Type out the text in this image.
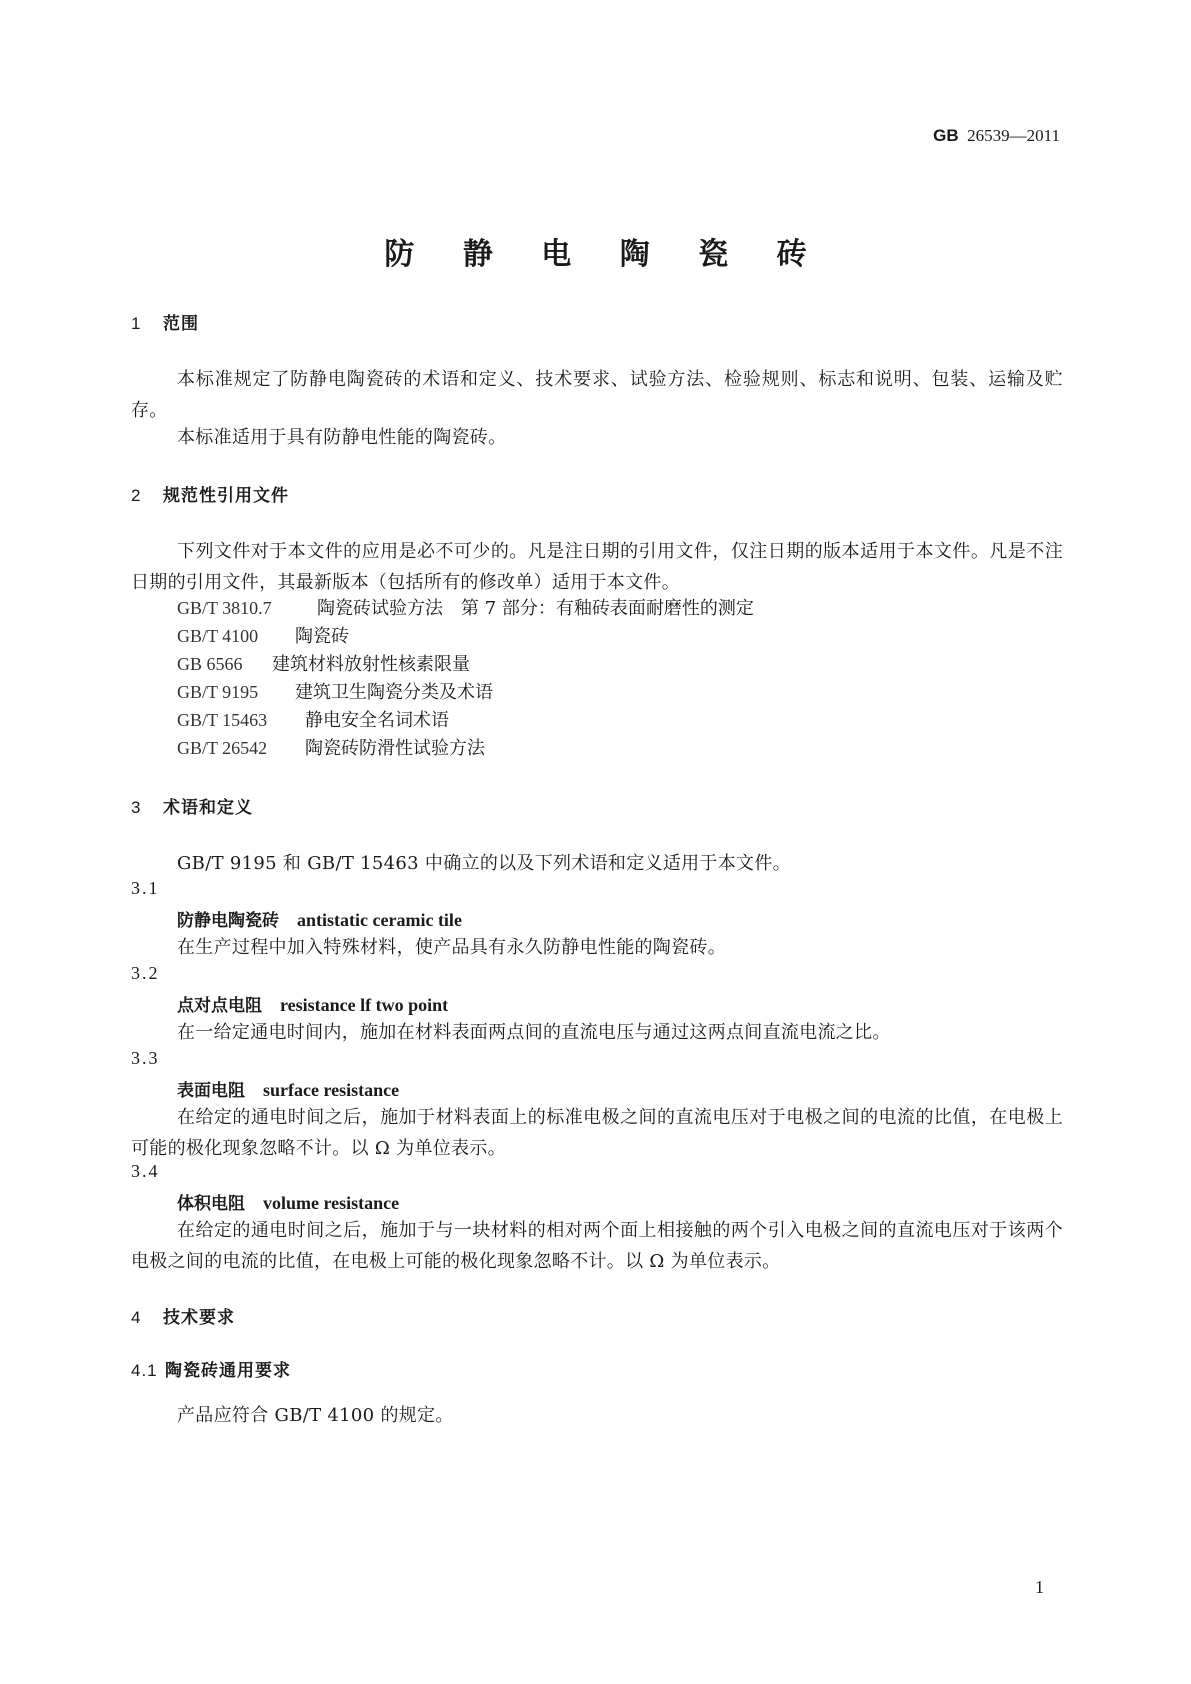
GB 26539—2011
防 静 电 陶 瓷 砖
1 范围
本标准规定了防静电陶瓷砖的术语和定义、技术要求、试验方法、检验规则、标志和说明、包装、运输及贮存。
本标准适用于具有防静电性能的陶瓷砖。
2 规范性引用文件
下列文件对于本文件的应用是必不可少的。凡是注日期的引用文件，仅注日期的版本适用于本文件。凡是不注日期的引用文件，其最新版本（包括所有的修改单）适用于本文件。
GB/T 3810.7	陶瓷砖试验方法　第 7 部分：有釉砖表面耐磨性的测定
GB/T 4100 陶瓷砖
GB 6566 建筑材料放射性核素限量
GB/T 9195 建筑卫生陶瓷分类及术语
GB/T 15463 静电安全名词术语
GB/T 26542 陶瓷砖防滑性试验方法
3 术语和定义
GB/T 9195 和 GB/T 15463 中确立的以及下列术语和定义适用于本文件。
3.1
防静电陶瓷砖 antistatic ceramic tile
在生产过程中加入特殊材料，使产品具有永久防静电性能的陶瓷砖。
3.2
点对点电阻 resistance lf two point
在一给定通电时间内，施加在材料表面两点间的直流电压与通过这两点间直流电流之比。
3.3
表面电阻 surface resistance
在给定的通电时间之后，施加于材料表面上的标准电极之间的直流电压对于电极之间的电流的比值，在电极上可能的极化现象忽略不计。以 Ω 为单位表示。
3.4
体积电阻 volume resistance
在给定的通电时间之后，施加于与一块材料的相对两个面上相接触的两个引入电极之间的直流电压对于该两个电极之间的电流的比值，在电极上可能的极化现象忽略不计。以 Ω 为单位表示。
4 技术要求
4.1 陶瓷砖通用要求
产品应符合 GB/T 4100 的规定。
1
